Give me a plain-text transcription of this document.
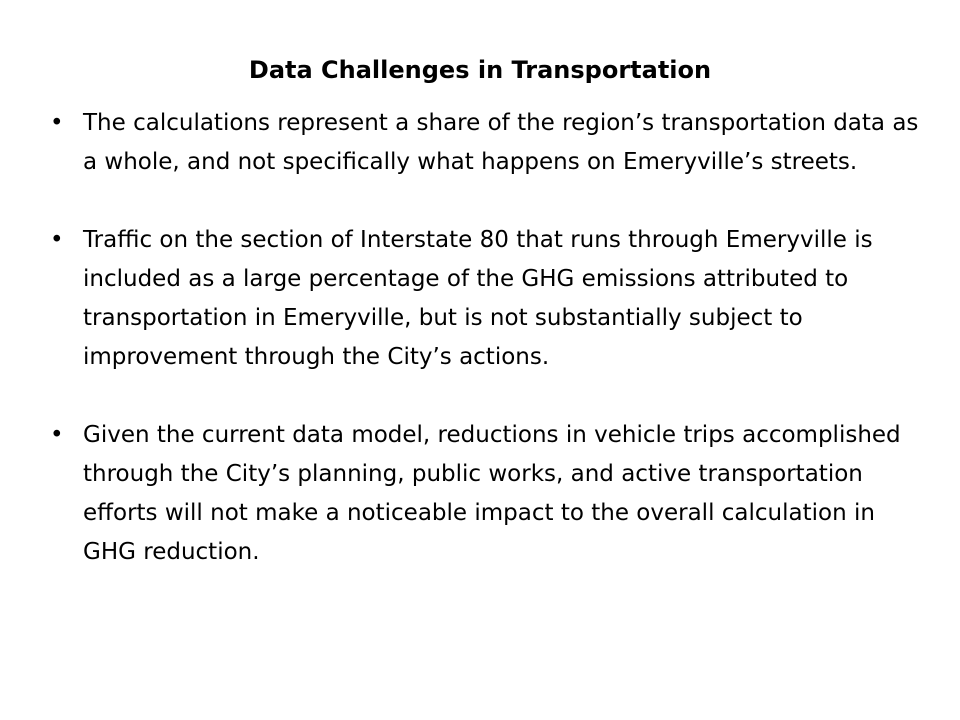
Data Challenges in Transportation
• The calculations represent a share of the region’s transportation data as a whole, and not specifically what happens on Emeryville’s streets.
• Traffic on the section of Interstate 80 that runs through Emeryville is included as a large percentage of the GHG emissions attributed to transportation in Emeryville, but is not substantially subject to improvement through the City’s actions.
• Given the current data model, reductions in vehicle trips accomplished through the City’s planning, public works, and active transportation efforts will not make a noticeable impact to the overall calculation in GHG reduction.
